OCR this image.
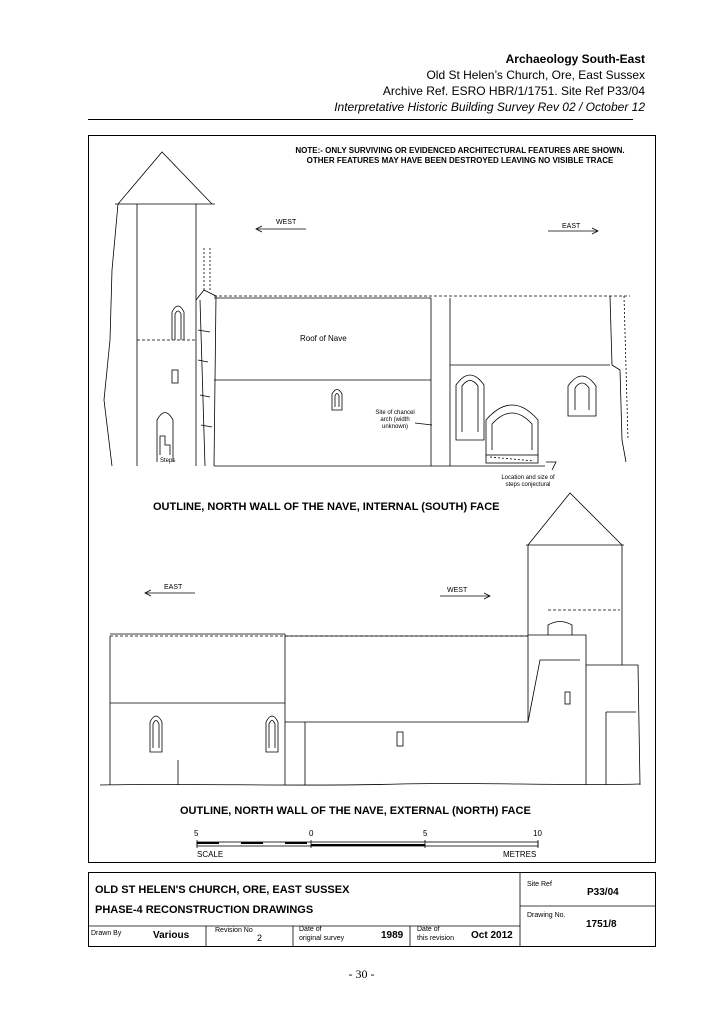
Archaeology South-East
Old St Helen’s Church, Ore, East Sussex
Archive Ref. ESRO HBR/1/1751. Site Ref P33/04
Interpretative Historic Building Survey Rev 02 / October 12
NOTE:- ONLY SURVIVING OR EVIDENCED ARCHITECTURAL FEATURES ARE SHOWN.
OTHER FEATURES MAY HAVE BEEN DESTROYED LEAVING NO VISIBLE TRACE
WEST
EAST
Roof of Nave
Site of chancel arch (width unknown)
Steps
Location and size of steps conjectural
OUTLINE, NORTH WALL OF THE NAVE, INTERNAL (SOUTH) FACE
EAST	WEST
OUTLINE, NORTH WALL OF THE NAVE, EXTERNAL (NORTH) FACE
5	0	5	10
SCALE	METRES
OLD ST HELEN'S CHURCH, ORE, EAST SUSSEX
PHASE-4 RECONSTRUCTION DRAWINGS
Site Ref
P33/04
Drawing No.
1751/8
Drawn By	Various	Revision No
2
Date of
original survey	1989
Date of
this revision Oct 2012
- 30 -
